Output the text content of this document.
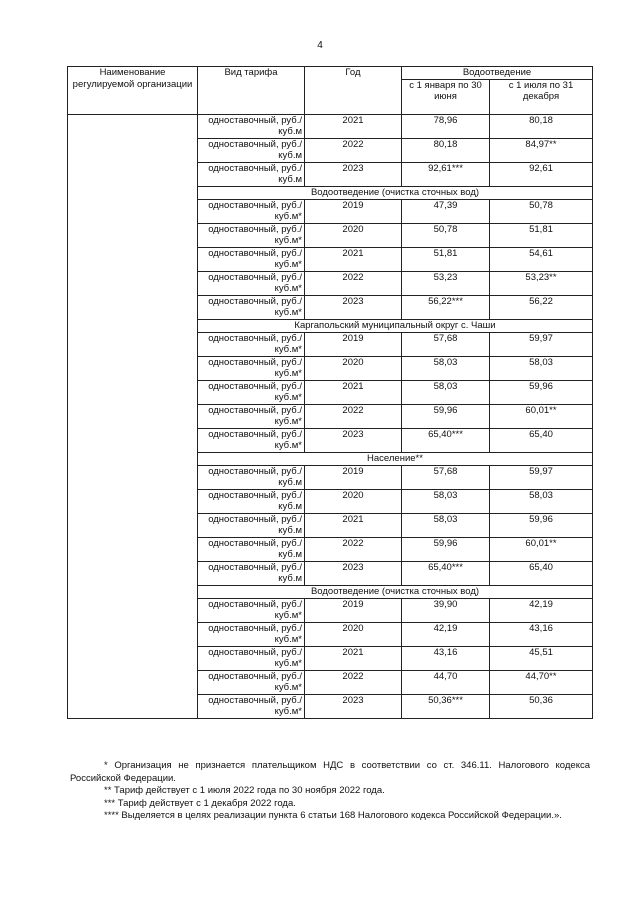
4
Наименование регулируемой организации	Вид тарифа	Год	Водоотведение	
			с 1 января по 30 июня	с 1 июля по 31 декабря
	одноставочный, руб./куб.м	2021	78,96	80,18
	одноставочный, руб./куб.м	2022	80,18	84,97**
	одноставочный, руб./куб.м	2023	92,61***	92,61
	Водоотведение (очистка сточных вод)			
	одноставочный, руб./куб.м*	2019	47,39	50,78
	одноставочный, руб./куб.м*	2020	50,78	51,81
	одноставочный, руб./куб.м*	2021	51,81	54,61
	одноставочный, руб./куб.м*	2022	53,23	53,23**
	одноставочный, руб./куб.м*	2023	56,22***	56,22
	Каргапольский муниципальный округ с. Чаши			
	одноставочный, руб./куб.м*	2019	57,68	59,97
	одноставочный, руб./куб.м*	2020	58,03	58,03
	одноставочный, руб./куб.м*	2021	58,03	59,96
	одноставочный, руб./куб.м*	2022	59,96	60,01**
	одноставочный, руб./куб.м*	2023	65,40***	65,40
	Население**			
	одноставочный, руб./куб.м	2019	57,68	59,97
	одноставочный, руб./куб.м	2020	58,03	58,03
	одноставочный, руб./куб.м	2021	58,03	59,96
	одноставочный, руб./куб.м	2022	59,96	60,01**
	одноставочный, руб./куб.м	2023	65,40***	65,40
	Водоотведение (очистка сточных вод)			
	одноставочный, руб./куб.м*	2019	39,90	42,19
	одноставочный, руб./куб.м*	2020	42,19	43,16
	одноставочный, руб./куб.м*	2021	43,16	45,51
	одноставочный, руб./куб.м*	2022	44,70	44,70**
	одноставочный, руб./куб.м*	2023	50,36***	50,36

* Организация не признается плательщиком НДС в соответствии со ст. 346.11. Налогового кодекса Российской Федерации.

** Тариф действует с 1 июля 2022 года по 30 ноября 2022 года.

*** Тариф действует с 1 декабря 2022 года.

**** Выделяется в целях реализации пункта 6 статьи 168 Налогового кодекса Российской Федерации.».
